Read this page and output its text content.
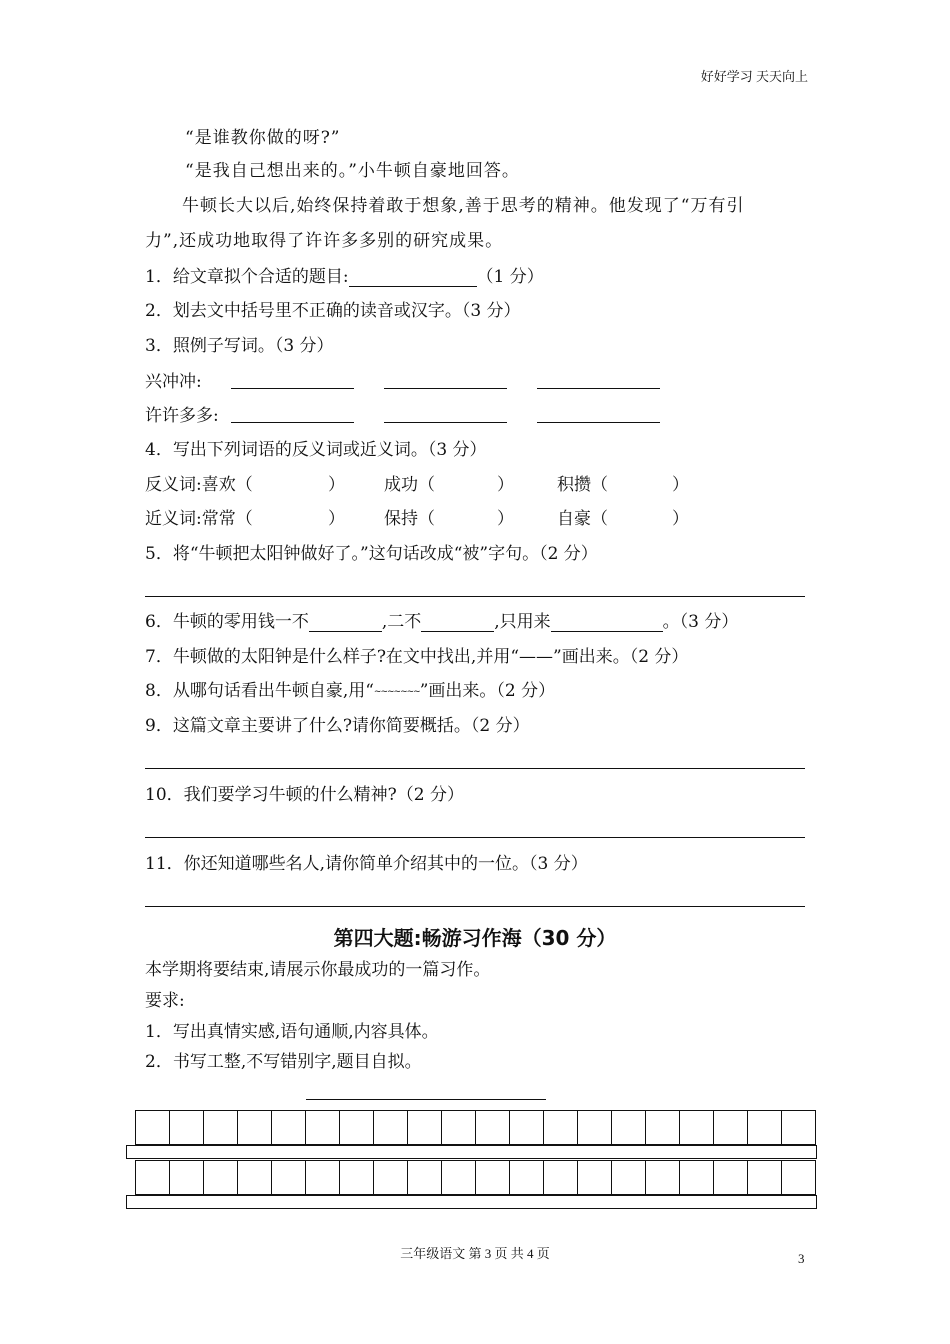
好好学习 天天向上
“是谁教你做的呀?”
“是我自己想出来的。”小牛顿自豪地回答。
牛顿长大以后,始终保持着敢于想象,善于思考的精神。他发现了“万有引
力”,还成功地取得了许许多多别的研究成果。
1．给文章拟个合适的题目:	（1 分）
2．划去文中括号里不正确的读音或汉字。（3 分）
3．照例子写词。（3 分）
兴冲冲:
许许多多:
4．写出下列词语的反义词或近义词。（3 分）
反义词:喜欢（	） 成功（	）	积攒（	）
近义词:常常（	） 保持（	）	自豪（	）
5．将“牛顿把太阳钟做好了。”这句话改成“被”字句。（2 分）
6．牛顿的零用钱一不	,二不	,只用来	。（3 分）
7．牛顿做的太阳钟是什么样子?在文中找出,并用“——”画出来。（2 分）
8．从哪句话看出牛顿自豪,用“~~~~~~~”画出来。（2 分）
9．这篇文章主要讲了什么?请你简要概括。（2 分）
10．我们要学习牛顿的什么精神?（2 分）
11．你还知道哪些名人,请你简单介绍其中的一位。（3 分）
第四大题:畅游习作海（30 分）
本学期将要结束,请展示你最成功的一篇习作。
要求:
1．写出真情实感,语句通顺,内容具体。
2．书写工整,不写错别字,题目自拟。
三年级语文 第 3 页 共 4 页	3
